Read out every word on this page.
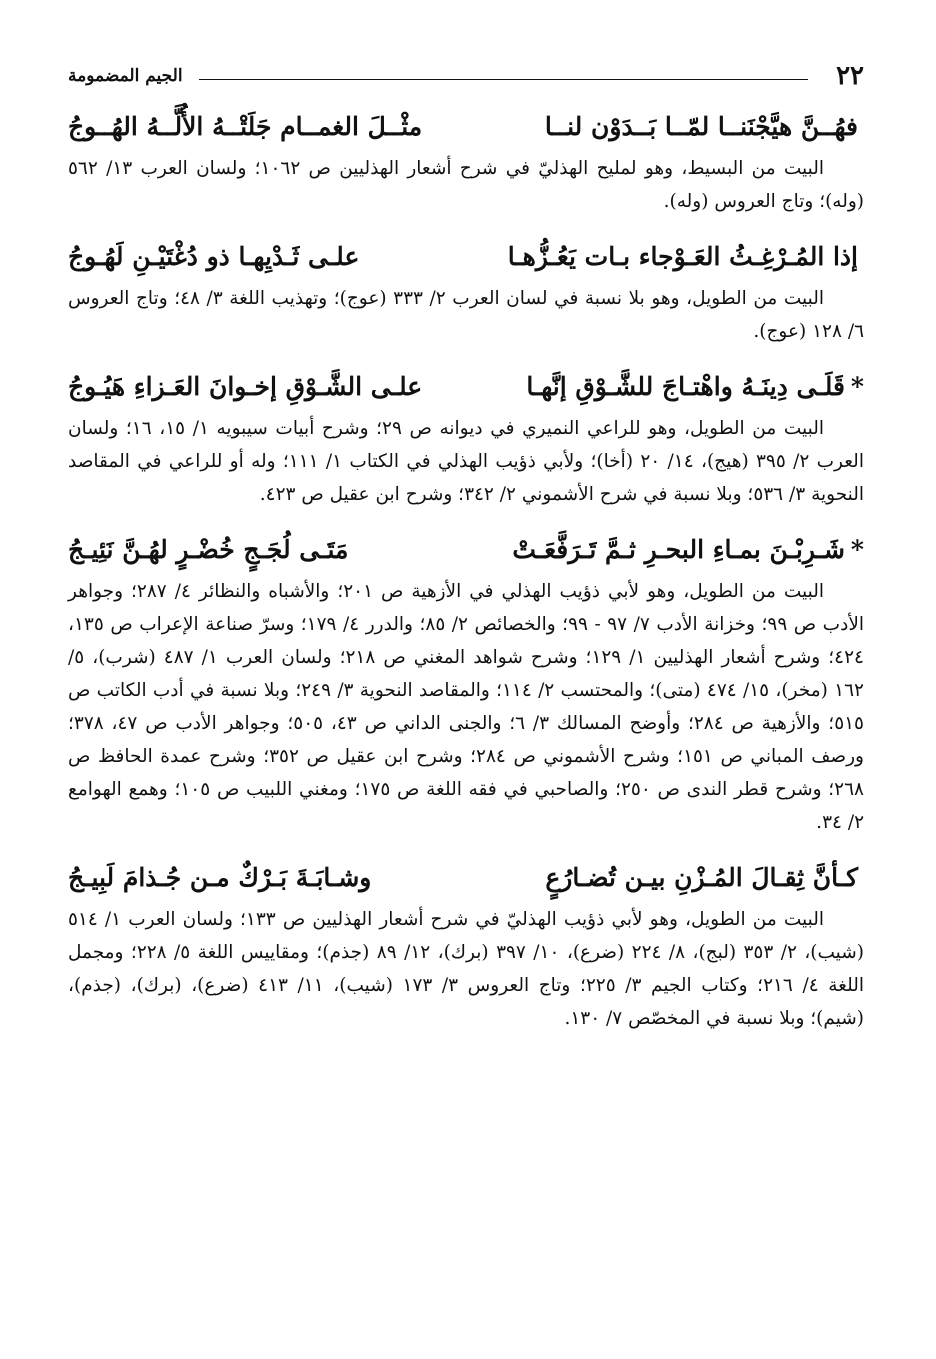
٢٢
الجيم المضمومة
فهُــنَّ هيَّجْنَنــا لمّــا بَــدَوْن لنــا
مثْــلَ الغمــام جَلَتْــهُ الأُلَّــهُ الهُــوجُ

البيت من البسيط، وهو لمليح الهذليّ في شرح أشعار الهذليين ص ١٠٦٢؛ ولسان العرب ١٣/ ٥٦٢ (وله)؛ وتاج العروس (وله).

إذا المُـرْغِـثُ العَـوْجاء بـات يَعُـزُّهـا
علـى ثَـدْيِهـا ذو دُغْتَيْـنِ لَهُـوجُ

البيت من الطويل، وهو بلا نسبة في لسان العرب ٢/ ٣٣٣ (عوج)؛ وتهذيب اللغة ٣/ ٤٨؛ وتاج العروس ٦/ ١٢٨ (عوج).

*قَلَـى دِينَـهُ واهْتـاجَ للشَّـوْقِ إنَّهـا
علـى الشَّـوْقِ إخـوانَ العَـزاءِ هَيُـوجُ

البيت من الطويل، وهو للراعي النميري في ديوانه ص ٢٩؛ وشرح أبيات سيبويه ١/ ١٥، ١٦؛ ولسان العرب ٢/ ٣٩٥ (هيج)، ١٤/ ٢٠ (أخا)؛ ولأبي ذؤيب الهذلي في الكتاب ١/ ١١١؛ وله أو للراعي في المقاصد النحوية ٣/ ٥٣٦؛ وبلا نسبة في شرح الأشموني ٢/ ٣٤٢؛ وشرح ابن عقيل ص ٤٢٣.

*شَـرِبْـنَ بمـاءِ البحـرِ ثـمَّ تَـرَفَّعَـتْ
مَتَـى لُجَـجٍ خُضْـرٍ لهُـنَّ نَئِيـجُ

البيت من الطويل، وهو لأبي ذؤيب الهذلي في الأزهية ص ٢٠١؛ والأشباه والنظائر ٤/ ٢٨٧؛ وجواهر الأدب ص ٩٩؛ وخزانة الأدب ٧/ ٩٧ - ٩٩؛ والخصائص ٢/ ٨٥؛ والدرر ٤/ ١٧٩؛ وسرّ صناعة الإعراب ص ١٣٥، ٤٢٤؛ وشرح أشعار الهذليين ١/ ١٢٩؛ وشرح شواهد المغني ص ٢١٨؛ ولسان العرب ١/ ٤٨٧ (شرب)، ٥/ ١٦٢ (مخر)، ١٥/ ٤٧٤ (متى)؛ والمحتسب ٢/ ١١٤؛ والمقاصد النحوية ٣/ ٢٤٩؛ وبلا نسبة في أدب الكاتب ص ٥١٥؛ والأزهية ص ٢٨٤؛ وأوضح المسالك ٣/ ٦؛ والجنى الداني ص ٤٣، ٥٠٥؛ وجواهر الأدب ص ٤٧، ٣٧٨؛ ورصف المباني ص ١٥١؛ وشرح الأشموني ص ٢٨٤؛ وشرح ابن عقيل ص ٣٥٢؛ وشرح عمدة الحافظ ص ٢٦٨؛ وشرح قطر الندى ص ٢٥٠؛ والصاحبي في فقه اللغة ص ١٧٥؛ ومغني اللبيب ص ١٠٥؛ وهمع الهوامع ٢/ ٣٤.

كـأنَّ ثِقـالَ المُـزْنِ بيـن تُضـارُعٍ
وشـابَـةَ بَـرْكٌ مـن جُـذامَ لَبِيـجُ

البيت من الطويل، وهو لأبي ذؤيب الهذليّ في شرح أشعار الهذليين ص ١٣٣؛ ولسان العرب ١/ ٥١٤ (شيب)، ٢/ ٣٥٣ (لبج)، ٨/ ٢٢٤ (ضرع)، ١٠/ ٣٩٧ (برك)، ١٢/ ٨٩ (جذم)؛ ومقاييس اللغة ٥/ ٢٢٨؛ ومجمل اللغة ٤/ ٢١٦؛ وكتاب الجيم ٣/ ٢٢٥؛ وتاج العروس ٣/ ١٧٣ (شيب)، ١١/ ٤١٣ (ضرع)، (برك)، (جذم)، (شيم)؛ وبلا نسبة في المخصّص ٧/ ١٣٠.
